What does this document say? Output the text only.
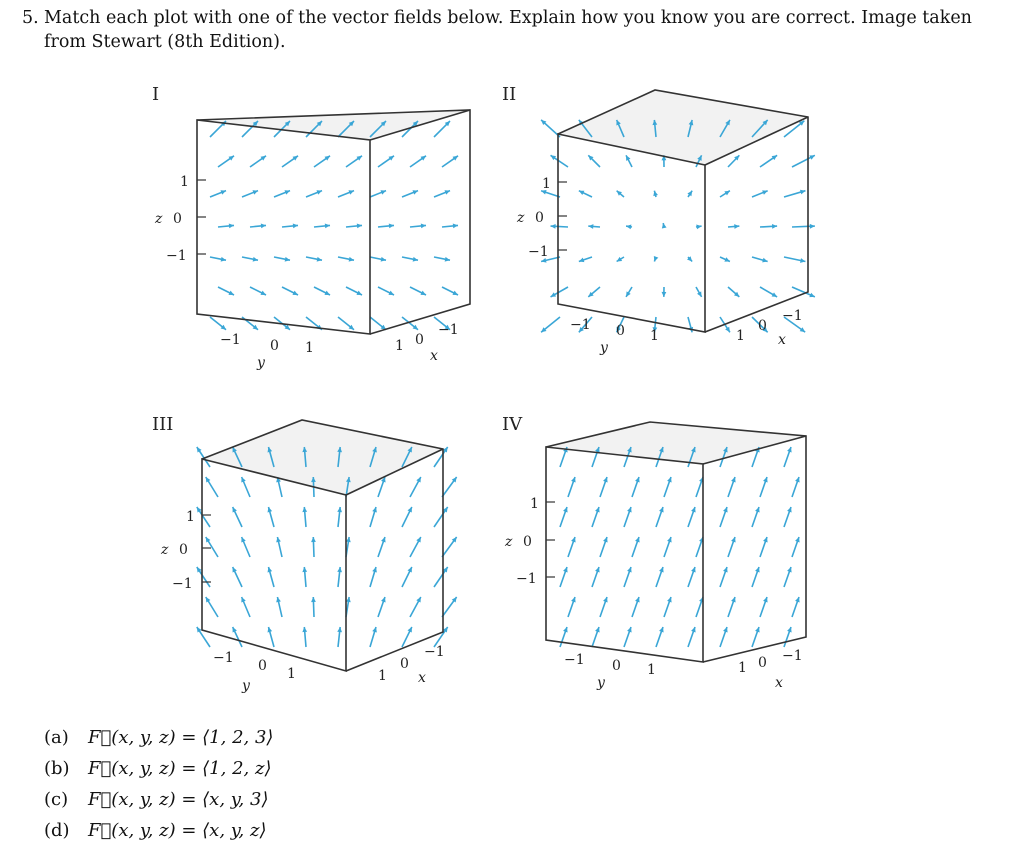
5. Match each plot with one of the vector fields below. Explain how you know you are correct. Image taken from Stewart (8th Edition).
I
1
z 0
−1
−1 0 1
y
1 0
−1
x
II
1
z 0
−1
−1 0 1
y
1
0
−1
x
III
1
z 0
−1
−1 0 1
y
1
0
−1
x
IV
1
z 0
−1
−1 0 1
y
1 0 −1
x
(a)	F⃗(x, y, z) = ⟨1, 2, 3⟩
(b)	F⃗(x, y, z) = ⟨1, 2, z⟩
(c)	F⃗(x, y, z) = ⟨x, y, 3⟩
(d)	F⃗(x, y, z) = ⟨x, y, z⟩
